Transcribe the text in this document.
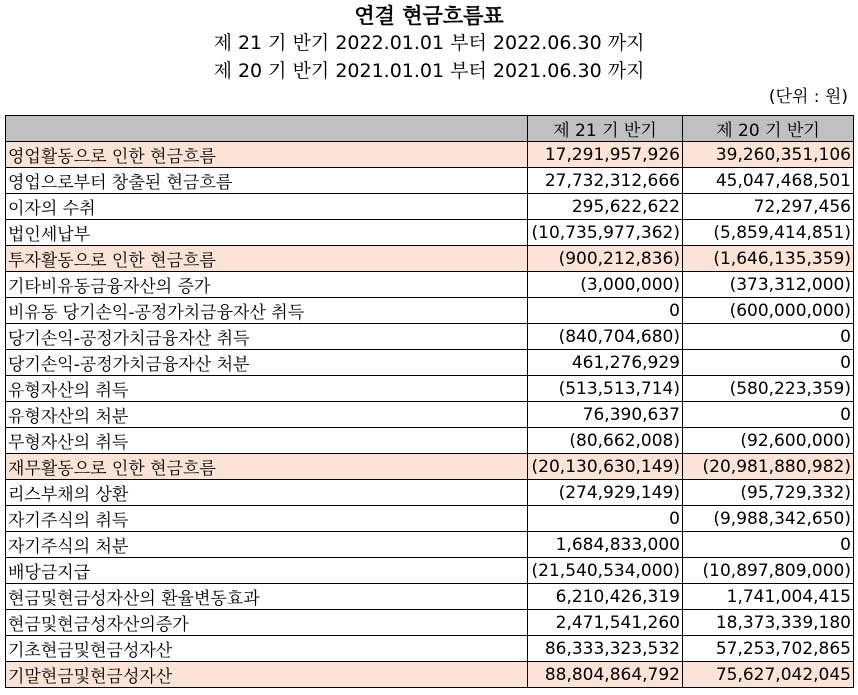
연결 현금흐름표
제 21 기 반기 2022.01.01 부터 2022.06.30 까지
제 20 기 반기 2021.01.01 부터 2021.06.30 까지
(단위 : 원)
	제 21 기 반기	제 20 기 반기
영업활동으로 인한 현금흐름	17,291,957,926	39,260,351,106
영업으로부터 창출된 현금흐름	27,732,312,666	45,047,468,501
이자의 수취	295,622,622	72,297,456
법인세납부	(10,735,977,362)	(5,859,414,851)
투자활동으로 인한 현금흐름	(900,212,836)	(1,646,135,359)
기타비유동금융자산의 증가	(3,000,000)	(373,312,000)
비유동 당기손익-공정가치금융자산 취득	0	(600,000,000)
당기손익-공정가치금융자산 취득	(840,704,680)	0
당기손익-공정가치금융자산 처분	461,276,929	0
유형자산의 취득	(513,513,714)	(580,223,359)
유형자산의 처분	76,390,637	0
무형자산의 취득	(80,662,008)	(92,600,000)
재무활동으로 인한 현금흐름	(20,130,630,149)	(20,981,880,982)
리스부채의 상환	(274,929,149)	(95,729,332)
자기주식의 취득	0	(9,988,342,650)
자기주식의 처분	1,684,833,000	0
배당금지급	(21,540,534,000)	(10,897,809,000)
현금및현금성자산의 환율변동효과	6,210,426,319	1,741,004,415
현금및현금성자산의증가	2,471,541,260	18,373,339,180
기초현금및현금성자산	86,333,323,532	57,253,702,865
기말현금및현금성자산	88,804,864,792	75,627,042,045
